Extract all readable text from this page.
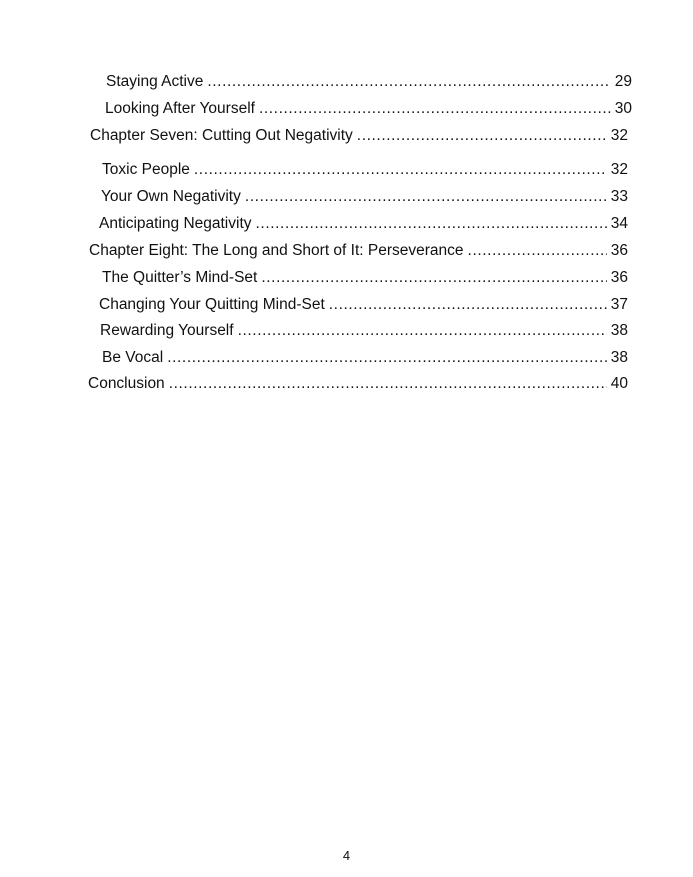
Staying Active .....	29
Looking After Yourself .....	30
Chapter Seven: Cutting Out Negativity .....	32
Toxic People .....	32
Your Own Negativity .....	33
Anticipating Negativity .....	34
Chapter Eight: The Long and Short of It: Perseverance .....	36
The Quitter’s Mind-Set .....	36
Changing Your Quitting Mind-Set .....	37
Rewarding Yourself .....	38
Be Vocal .....	38
Conclusion .....	40
4
